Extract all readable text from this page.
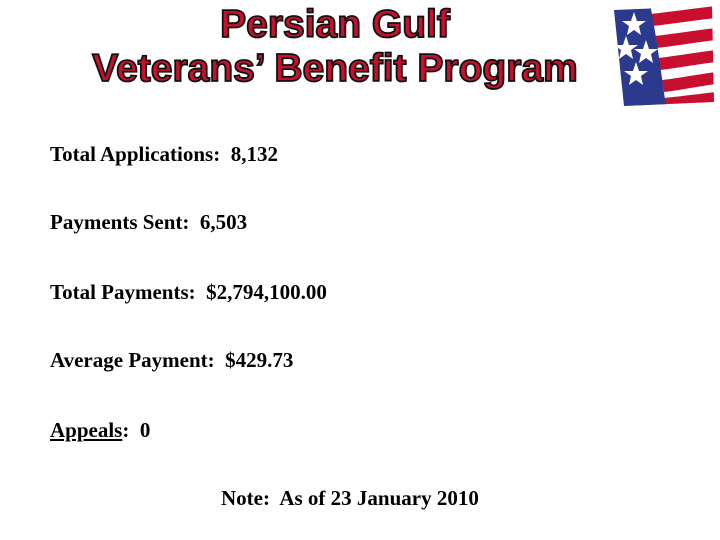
Persian Gulf
Veterans’ Benefit Program
Total Applications: 8,132
Payments Sent: 6,503
Total Payments: $2,794,100.00
Average Payment: $429.73
Appeals: 0
Note:  As of 23 January 2010
